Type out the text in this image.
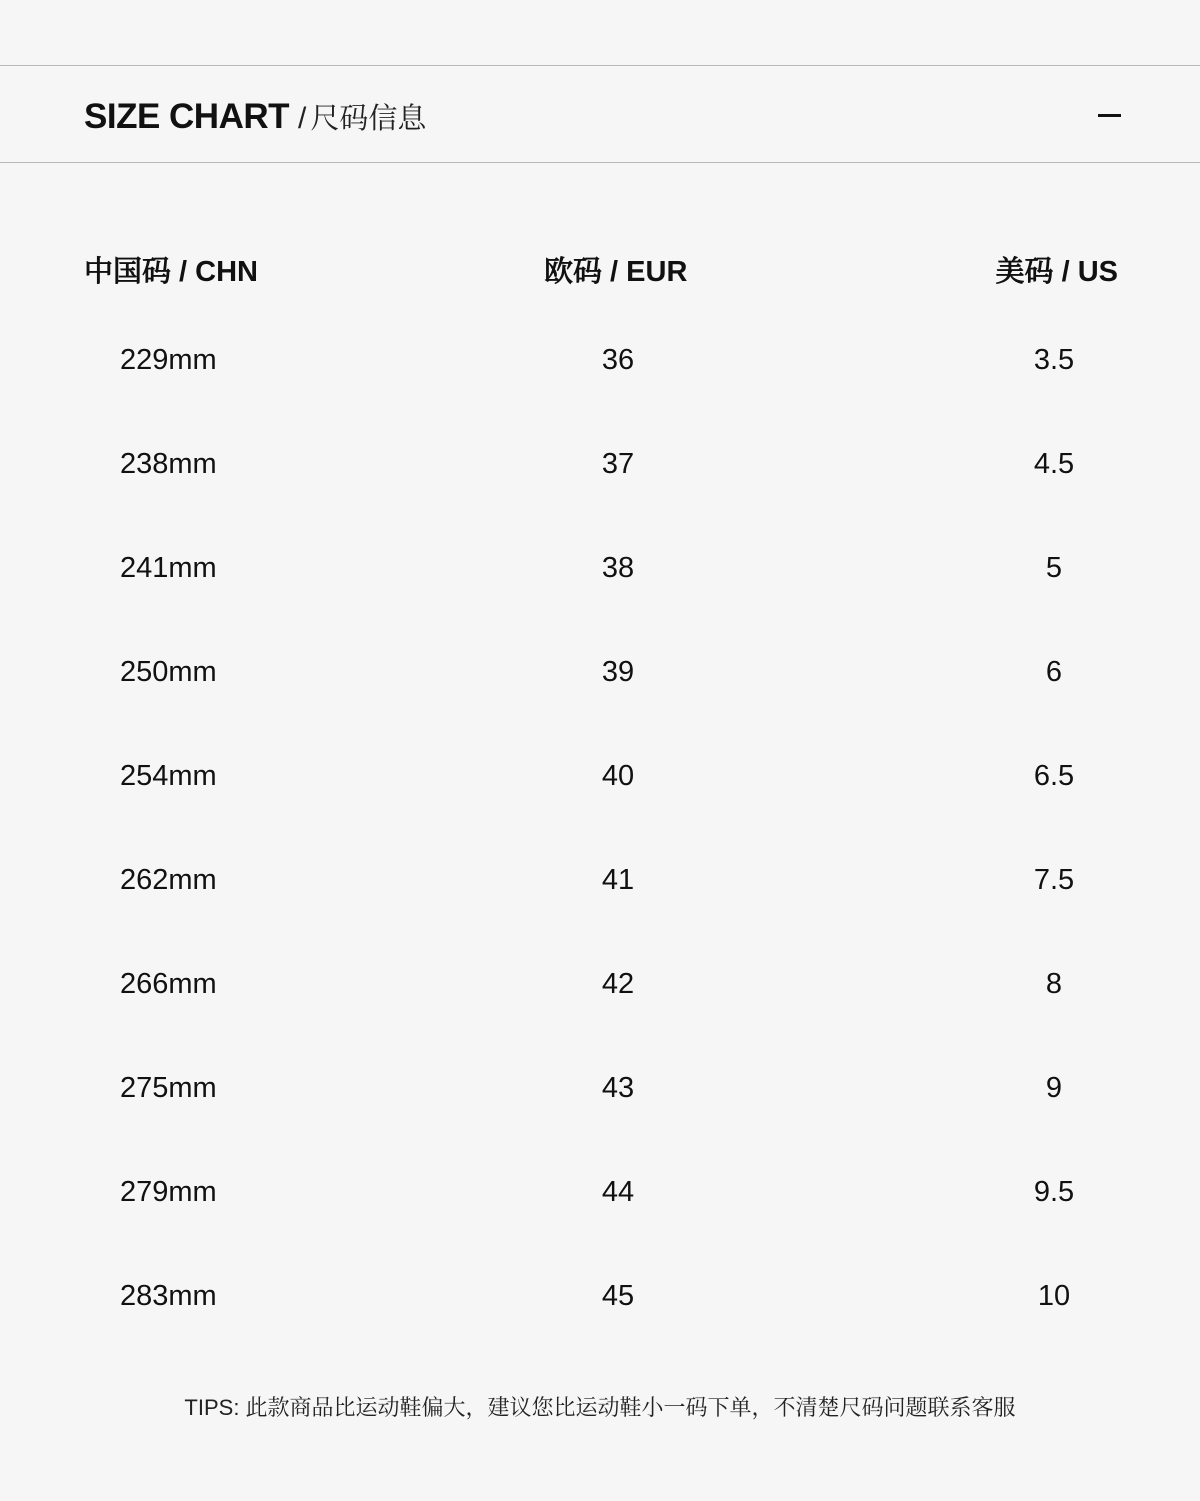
SIZE CHART / 尺码信息
中国码 / CHN	欧码 / EUR	美码 / US
229mm	36	3.5
238mm	37	4.5
241mm	38	5
250mm	39	6
254mm	40	6.5
262mm	41	7.5
266mm	42	8
275mm	43	9
279mm	44	9.5
283mm	45	10
TIPS: 此款商品比运动鞋偏大，建议您比运动鞋小一码下单，不清楚尺码问题联系客服
